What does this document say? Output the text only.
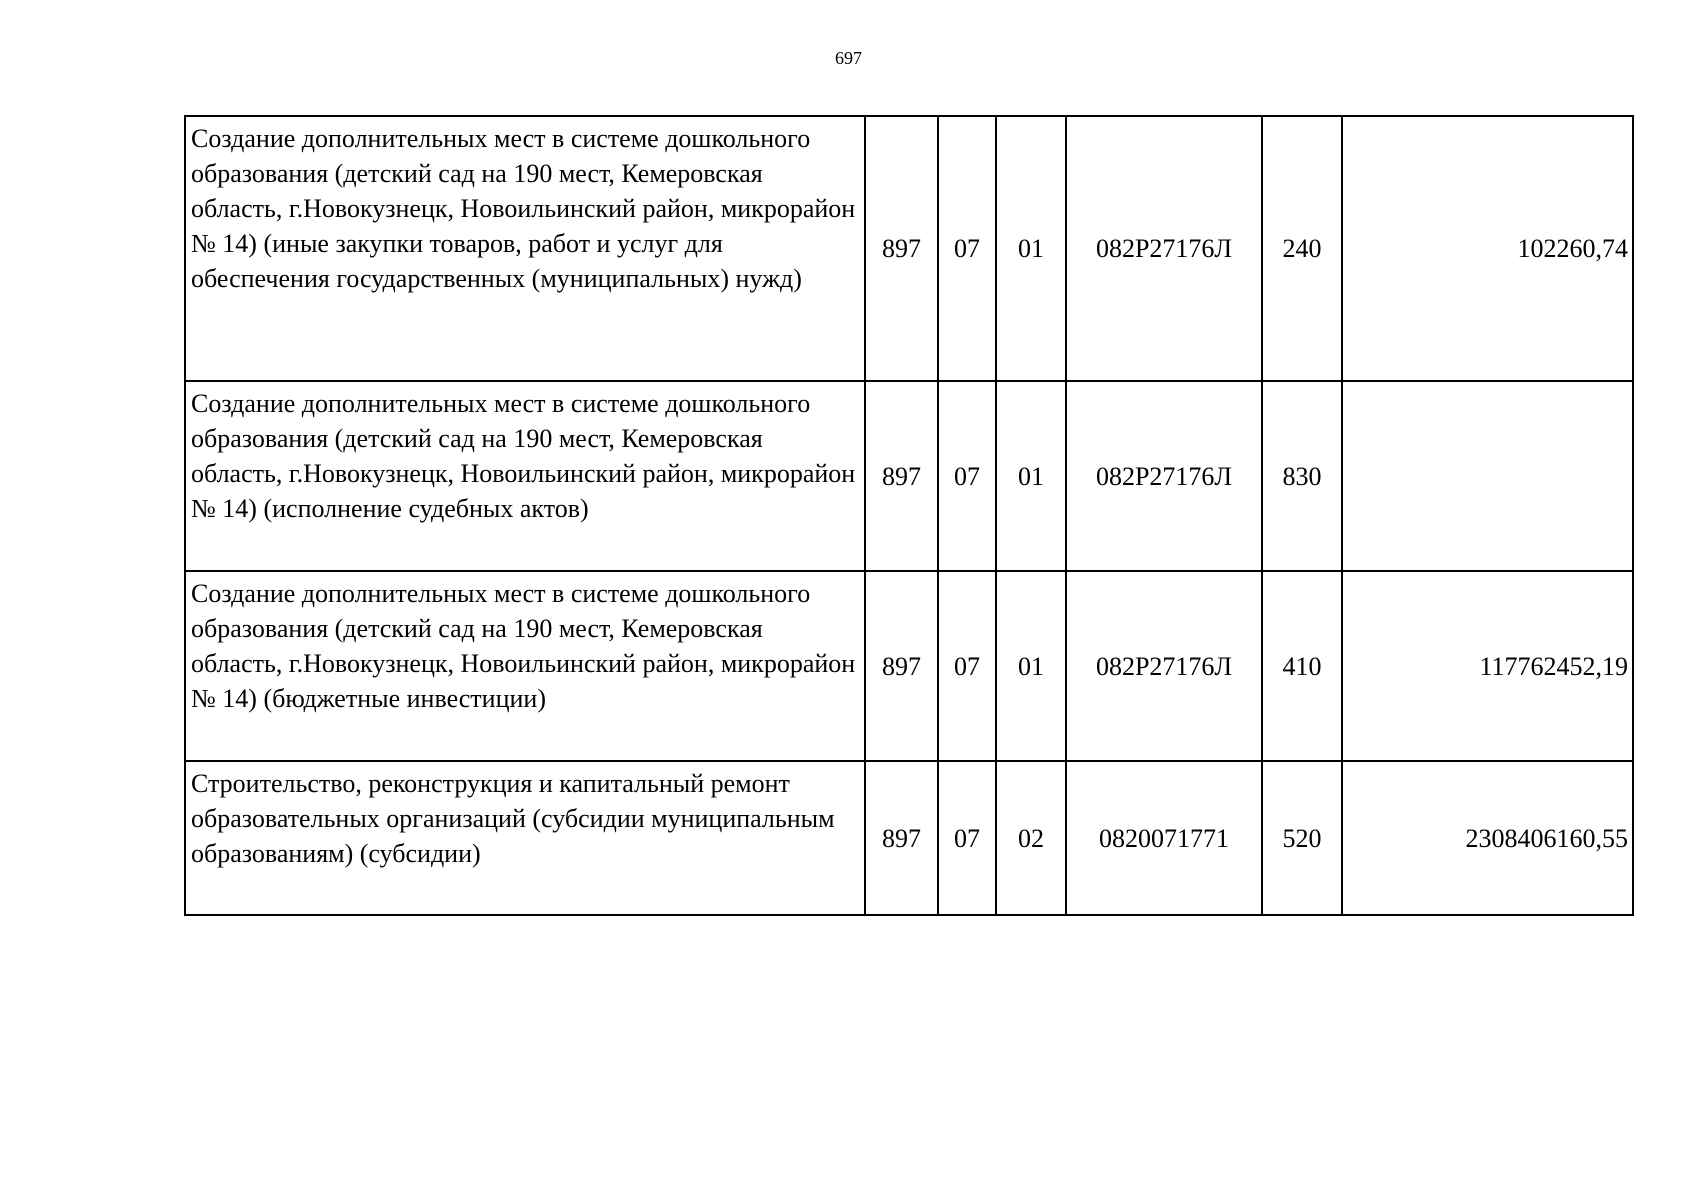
697
Создание дополнительных мест в системе дошкольного образования (детский сад на 190 мест, Кемеровская область, г.Новокузнецк, Новоильинский район, микрорайон № 14) (иные закупки товаров, работ и услуг для обеспечения государственных (муниципальных) нужд)	897	07	01	082P27176Л	240	102260,74
Создание дополнительных мест в системе дошкольного образования (детский сад на 190 мест, Кемеровская область, г.Новокузнецк, Новоильинский район, микрорайон № 14) (исполнение судебных актов)	897	07	01	082P27176Л	830	
Создание дополнительных мест в системе дошкольного образования (детский сад на 190 мест, Кемеровская область, г.Новокузнецк, Новоильинский район, микрорайон № 14) (бюджетные инвестиции)	897	07	01	082P27176Л	410	117762452,19
Строительство, реконструкция и капитальный ремонт образовательных организаций (субсидии муниципальным образованиям) (субсидии)	897	07	02	0820071771	520	2308406160,55
